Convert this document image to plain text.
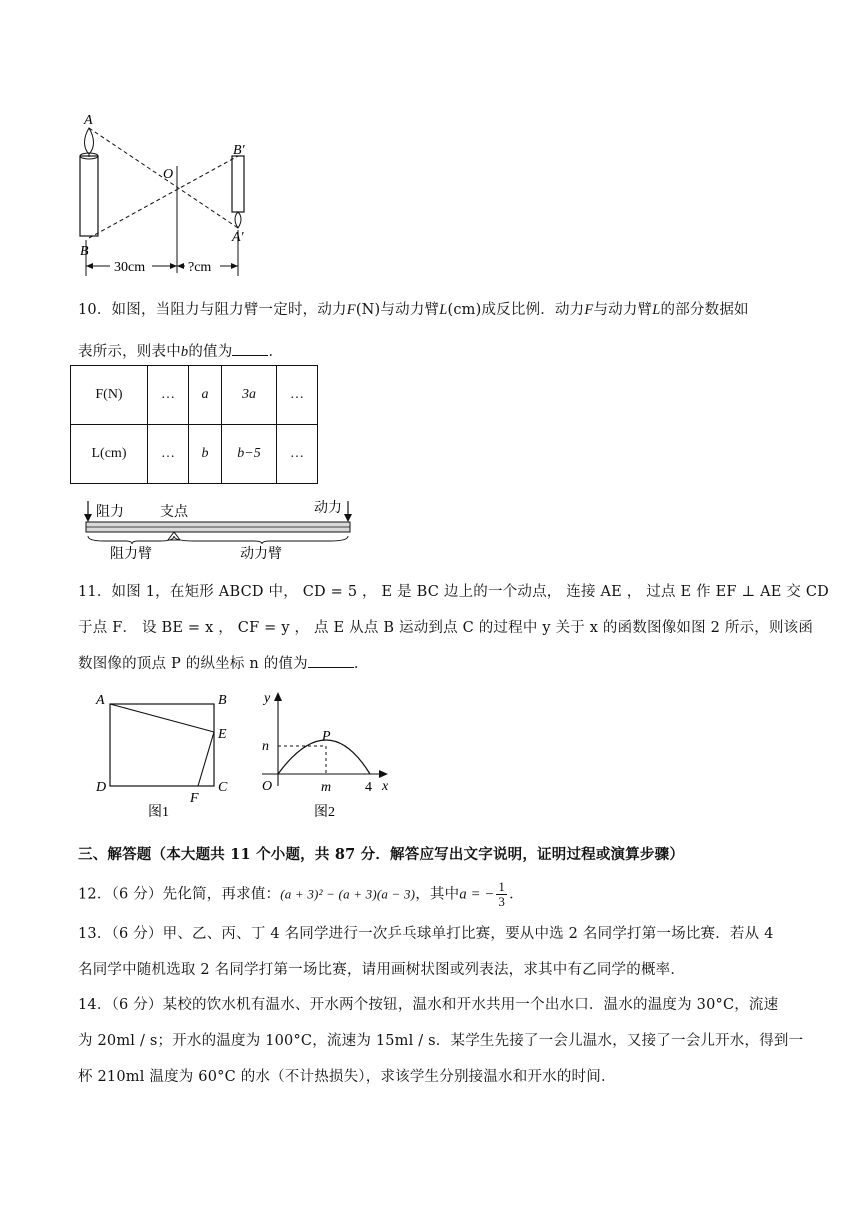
A
B
O
B′
A′
30cm	?cm
10．如图，当阻力与阻力臂一定时，动力F(N)与动力臂L(cm)成反比例．动力F与动力臂L的部分数据如
表所示，则表中b的值为 ．
F(N)	…	a	3a	…
L(cm)	…	b	b−5	…
阻力	支点	动力
阻力臂	动力臂
11．如图 1，在矩形 ABCD 中， CD = 5 ， E 是 BC 边上的一个动点， 连接 AE ， 过点 E 作 EF ⊥ AE 交 CD
于点 F． 设 BE = x ， CF = y ， 点 E 从点 B 运动到点 C 的过程中 y 关于 x 的函数图像如图 2 所示，则该函
数图像的顶点 P 的纵坐标 n 的值为	．
A	B
E
D	C
F
图1
y
n
P
O	m 4 x
图2
三、解答题（本大题共 11 个小题，共 87 分．解答应写出文字说明，证明过程或演算步骤）
12．（6 分）先化简，再求值：(a + 3)² − (a + 3)(a − 3)，其中a = − $\frac{1}{3}$ ．
13．（6 分）甲、乙、丙、丁 4 名同学进行一次乒乓球单打比赛，要从中选 2 名同学打第一场比赛．若从 4
名同学中随机选取 2 名同学打第一场比赛，请用画树状图或列表法，求其中有乙同学的概率．
14．（6 分）某校的饮水机有温水、开水两个按钮，温水和开水共用一个出水口．温水的温度为 30°C，流速
为 20ml / s；开水的温度为 100°C，流速为 15ml / s．某学生先接了一会儿温水，又接了一会儿开水，得到一
杯 210ml 温度为 60°C 的水（不计热损失），求该学生分别接温水和开水的时间．
